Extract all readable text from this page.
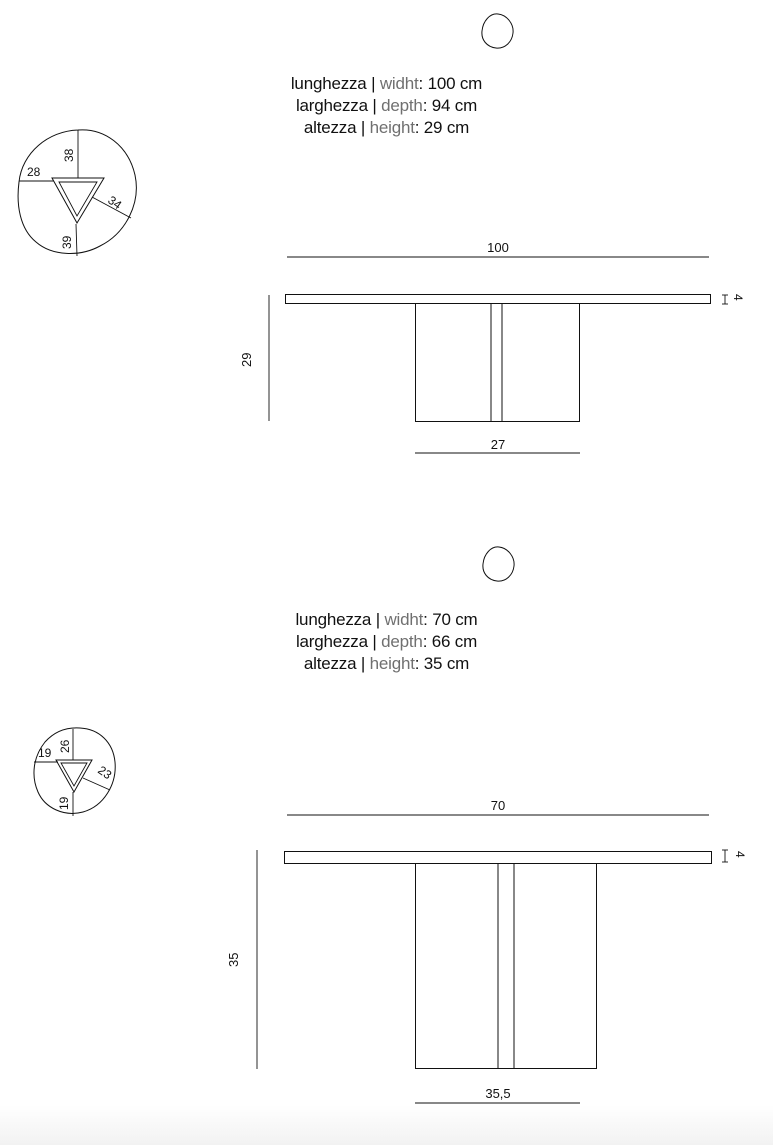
38
28
34
39	100
4
29
27
26
19
23
19	70
4
35
35,5
lunghezza | widht: 100 cm
larghezza | depth: 94 cm
altezza | height: 29 cm
lunghezza | widht: 70 cm
larghezza | depth: 66 cm
altezza | height: 35 cm
